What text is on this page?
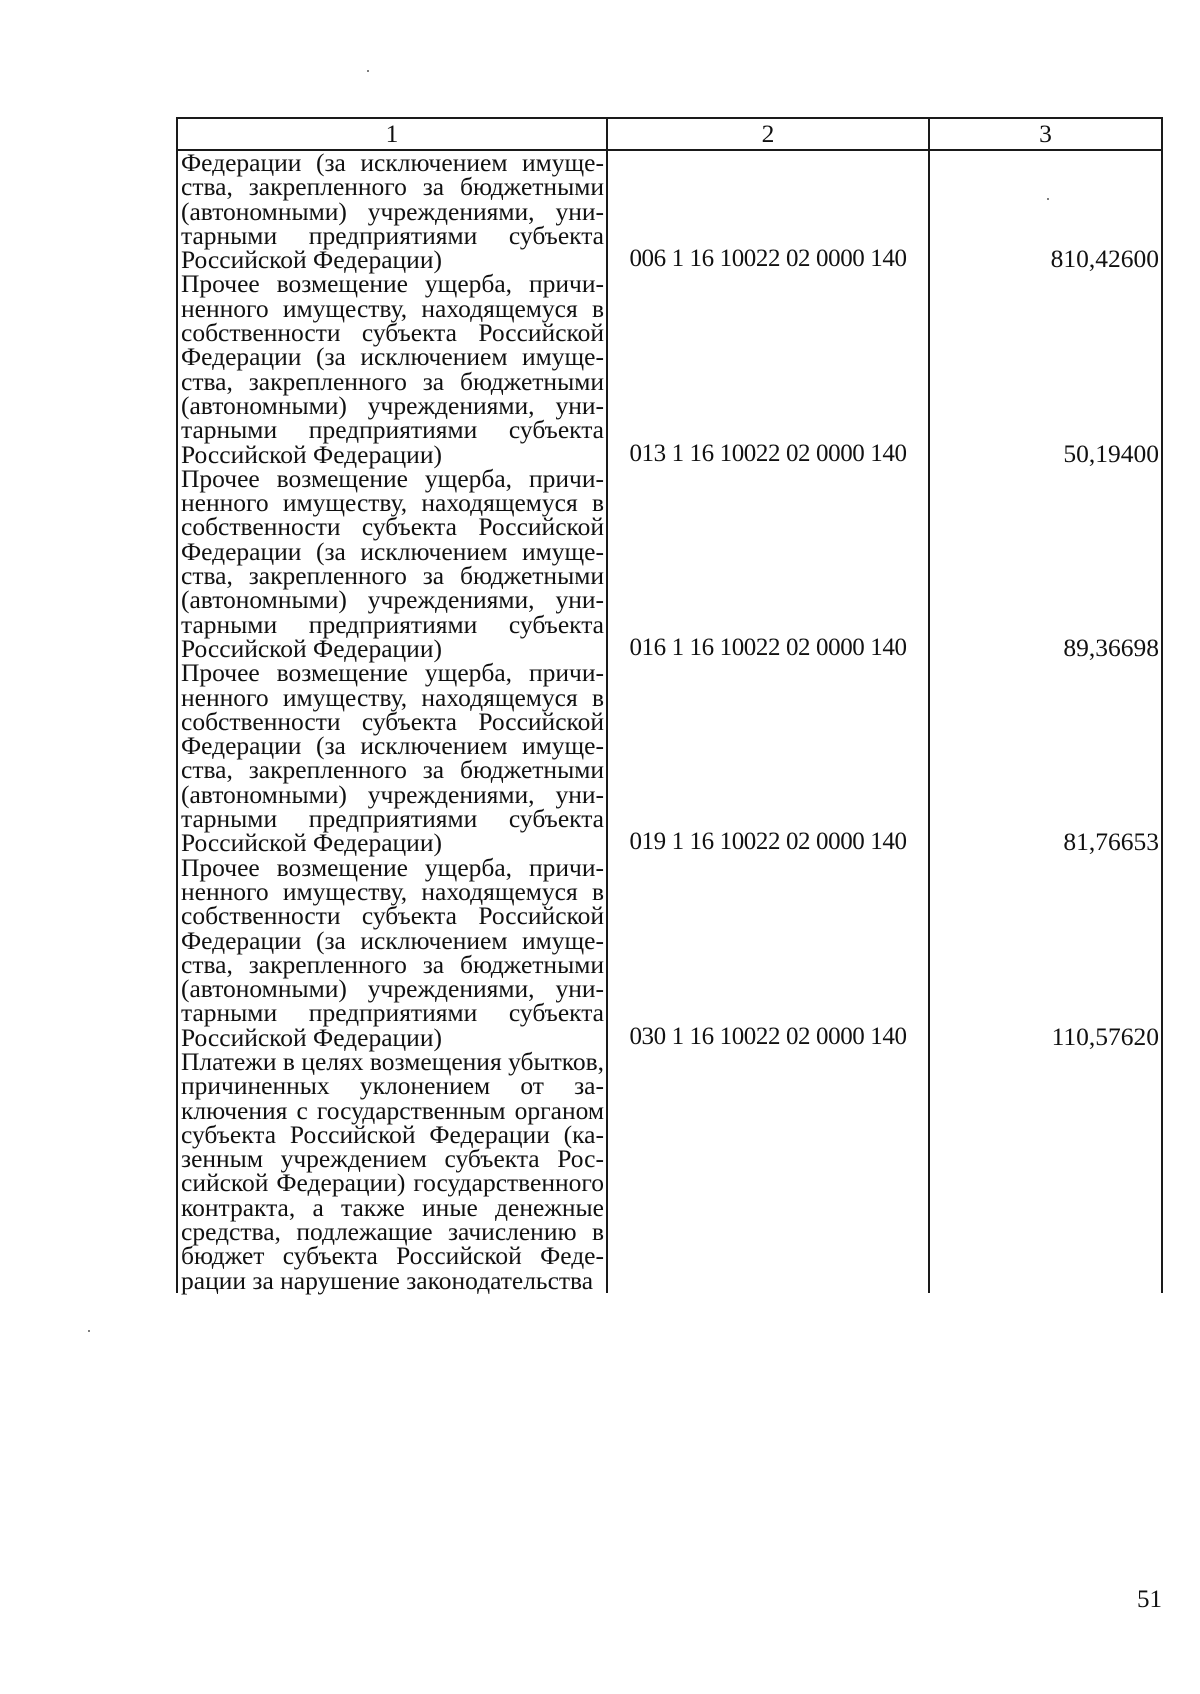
1	2	3
Федерации (за исключением имущества, закрепленного за бюджетными (автономными) учреждениями, унитарными предприятиями субъекта Российской Федерации)	006 1 16 10022 02 0000 140	810,42600
Прочее возмещение ущерба, причиненного имуществу, находящемуся в собственности субъекта Российской Федерации (за исключением имущества, закрепленного за бюджетными (автономными) учреждениями, унитарными предприятиями субъекта Российской Федерации)	013 1 16 10022 02 0000 140	50,19400
Прочее возмещение ущерба, причиненного имуществу, находящемуся в собственности субъекта Российской Федерации (за исключением имущества, закрепленного за бюджетными (автономными) учреждениями, унитарными предприятиями субъекта Российской Федерации)	016 1 16 10022 02 0000 140	89,36698
Прочее возмещение ущерба, причиненного имуществу, находящемуся в собственности субъекта Российской Федерации (за исключением имущества, закрепленного за бюджетными (автономными) учреждениями, унитарными предприятиями субъекта Российской Федерации)	019 1 16 10022 02 0000 140	81,76653
Прочее возмещение ущерба, причиненного имуществу, находящемуся в собственности субъекта Российской Федерации (за исключением имущества, закрепленного за бюджетными (автономными) учреждениями, унитарными предприятиями субъекта Российской Федерации)	030 1 16 10022 02 0000 140	110,57620
Платежи в целях возмещения убытков, причиненных уклонением от заключения с государственным органом субъекта Российской Федерации (казенным учреждением субъекта Российской Федерации) государственного контракта, а также иные денежные средства, подлежащие зачислению в бюджет субъекта Российской Федерации за нарушение законодательства		
51
